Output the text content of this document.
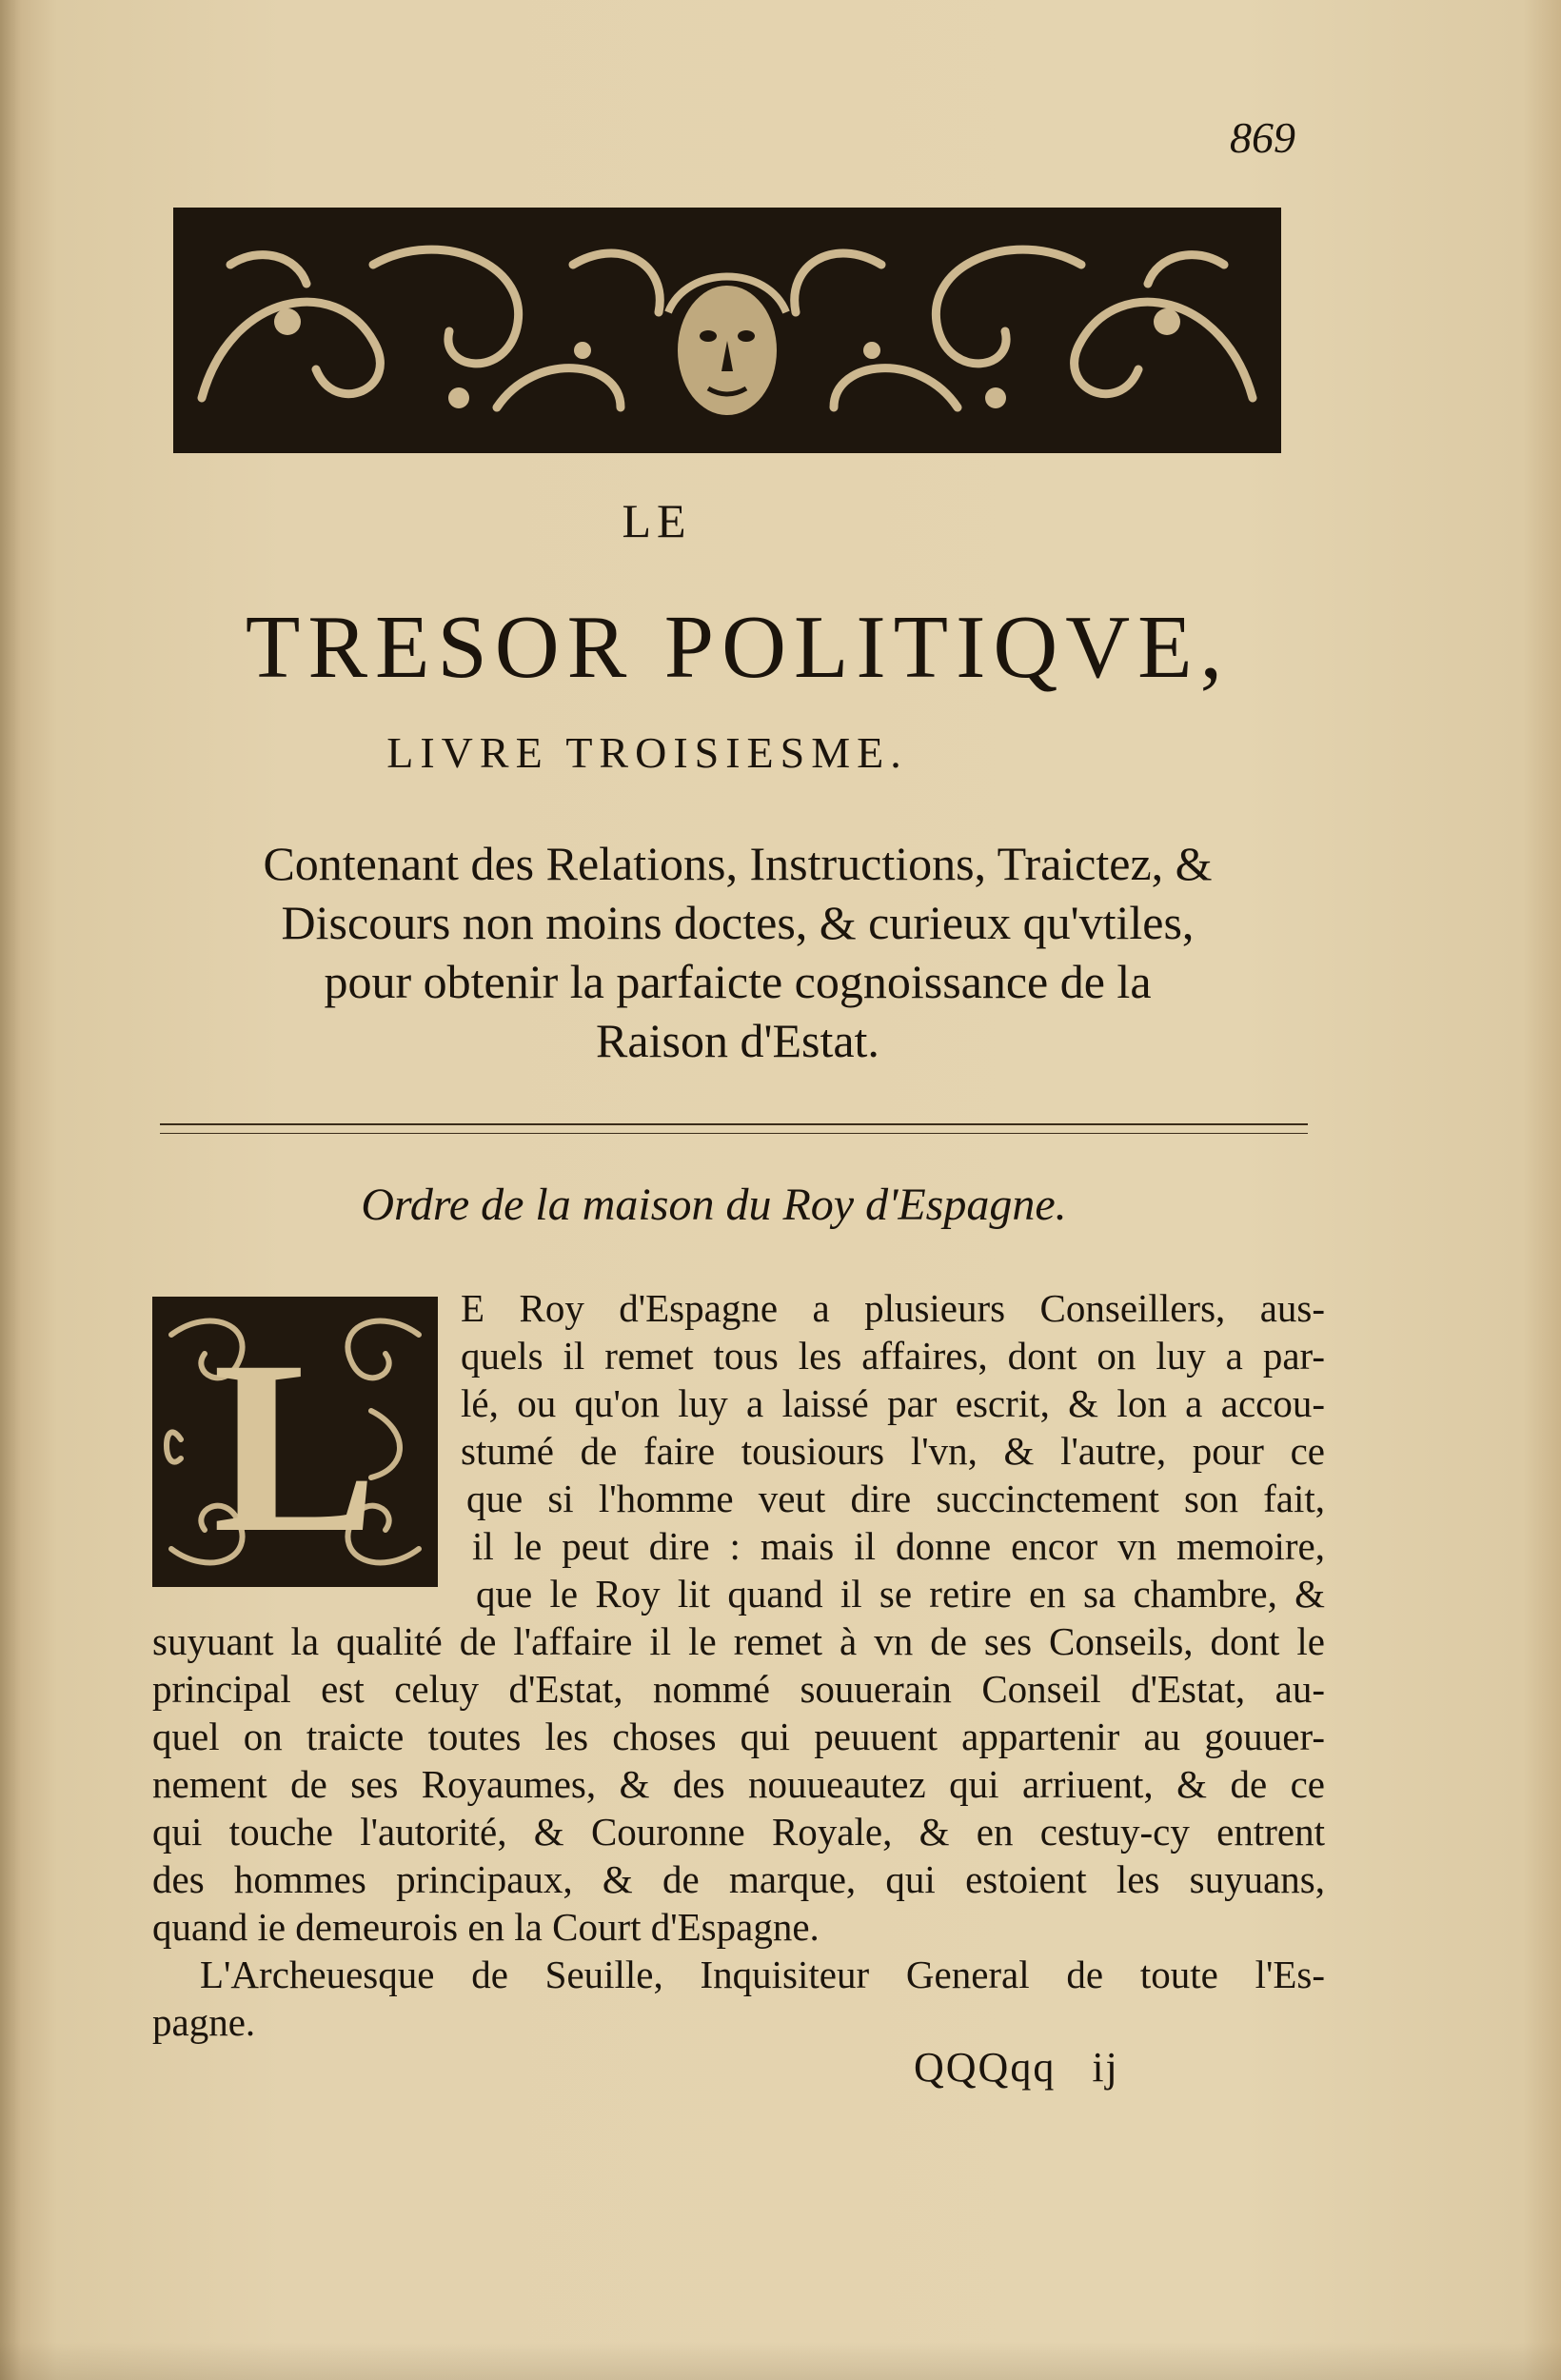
869
LE
TRESOR POLITIQVE,
LIVRE TROISIESME.
Contenant des Relations, Instructions, Traictez, &
Discours non moins doctes, & curieux qu'vtiles,
pour obtenir la parfaicte cognoissance de la
Raison d'Estat.
Ordre de la maison du Roy d'Espagne.
L
E Roy d'Espagne a plusieurs Conseillers, aus-
quels il remet tous les affaires, dont on luy a par-
lé, ou qu'on luy a laissé par escrit, & lon a accou-
stumé de faire tousiours l'vn, & l'autre, pour ce
que si l'homme veut dire succinctement son fait,
il le peut dire : mais il donne encor vn memoire,
que le Roy lit quand il se retire en sa chambre, &
suyuant la qualité de l'affaire il le remet à vn de ses Conseils, dont le
principal est celuy d'Estat, nommé souuerain Conseil d'Estat, au-
quel on traicte toutes les choses qui peuuent appartenir au gouuer-
nement de ses Royaumes, & des nouueautez qui arriuent, & de ce
qui touche l'autorité, & Couronne Royale, & en cestuy-cy entrent
des hommes principaux, & de marque, qui estoient les suyuans,
quand ie demeurois en la Court d'Espagne.
L'Archeuesque de Seuille, Inquisiteur General de toute l'Es-
pagne.
QQQqq ij
